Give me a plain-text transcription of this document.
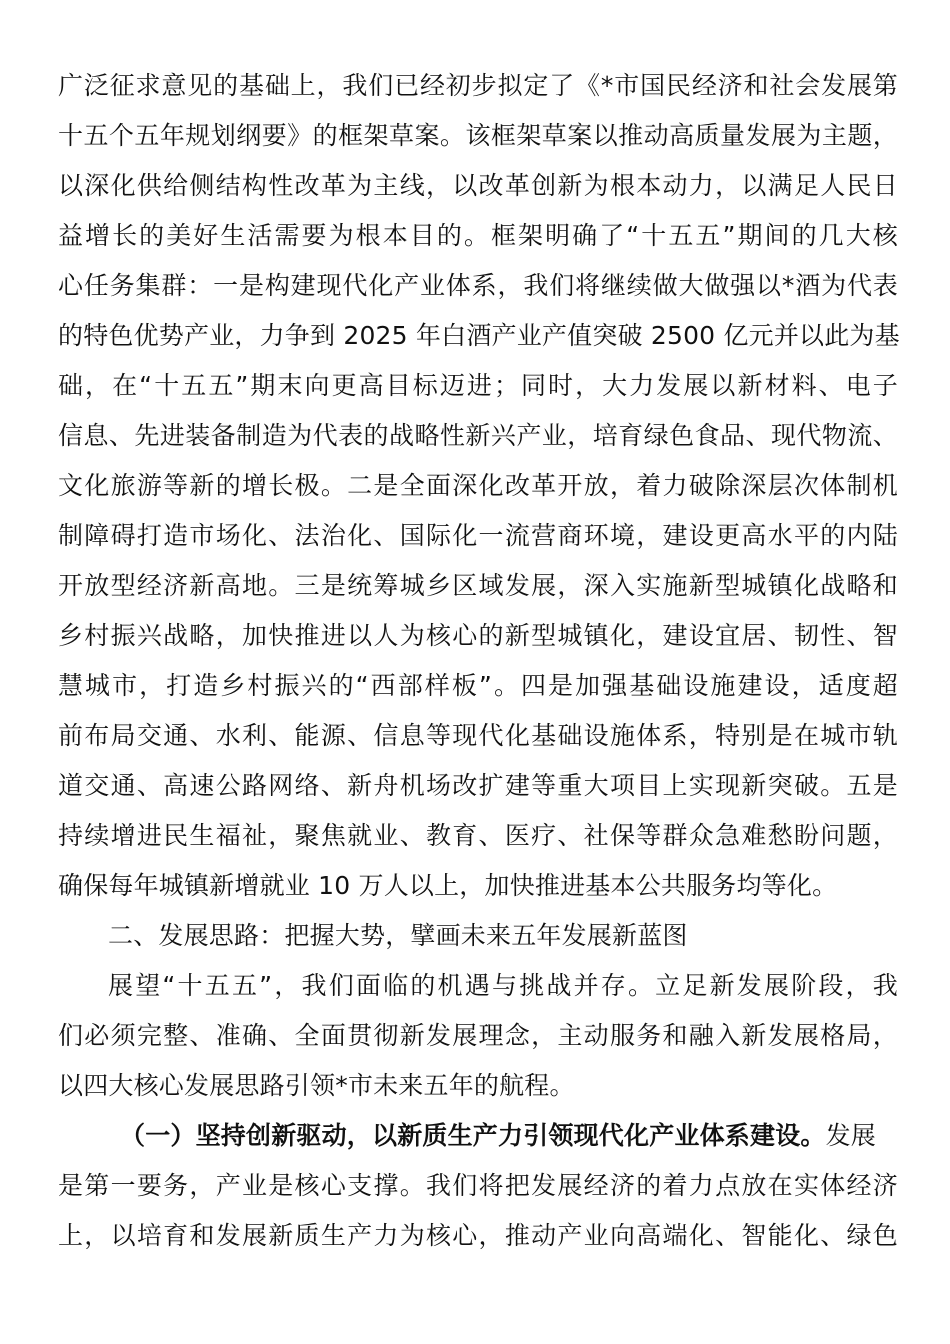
广泛征求意见的基础上，我们已经初步拟定了《*市国民经济和社会发展第
十五个五年规划纲要》的框架草案。该框架草案以推动高质量发展为主题，
以深化供给侧结构性改革为主线，以改革创新为根本动力，以满足人民日
益增长的美好生活需要为根本目的。框架明确了“十五五”期间的几大核
心任务集群：一是构建现代化产业体系，我们将继续做大做强以*酒为代表
的特色优势产业，力争到 2025 年白酒产业产值突破 2500 亿元并以此为基
础，在“十五五”期末向更高目标迈进；同时，大力发展以新材料、电子
信息、先进装备制造为代表的战略性新兴产业，培育绿色食品、现代物流、
文化旅游等新的增长极。二是全面深化改革开放，着力破除深层次体制机
制障碍打造市场化、法治化、国际化一流营商环境，建设更高水平的内陆
开放型经济新高地。三是统筹城乡区域发展，深入实施新型城镇化战略和
乡村振兴战略，加快推进以人为核心的新型城镇化，建设宜居、韧性、智
慧城市，打造乡村振兴的“西部样板”。四是加强基础设施建设，适度超
前布局交通、水利、能源、信息等现代化基础设施体系，特别是在城市轨
道交通、高速公路网络、新舟机场改扩建等重大项目上实现新突破。五是
持续增进民生福祉，聚焦就业、教育、医疗、社保等群众急难愁盼问题，
确保每年城镇新增就业 10 万人以上，加快推进基本公共服务均等化。
二、发展思路：把握大势，擘画未来五年发展新蓝图
展望“十五五”，我们面临的机遇与挑战并存。立足新发展阶段，我
们必须完整、准确、全面贯彻新发展理念，主动服务和融入新发展格局，
以四大核心发展思路引领*市未来五年的航程。
（一）坚持创新驱动，以新质生产力引领现代化产业体系建设。发展
是第一要务，产业是核心支撑。我们将把发展经济的着力点放在实体经济
上，以培育和发展新质生产力为核心，推动产业向高端化、智能化、绿色
